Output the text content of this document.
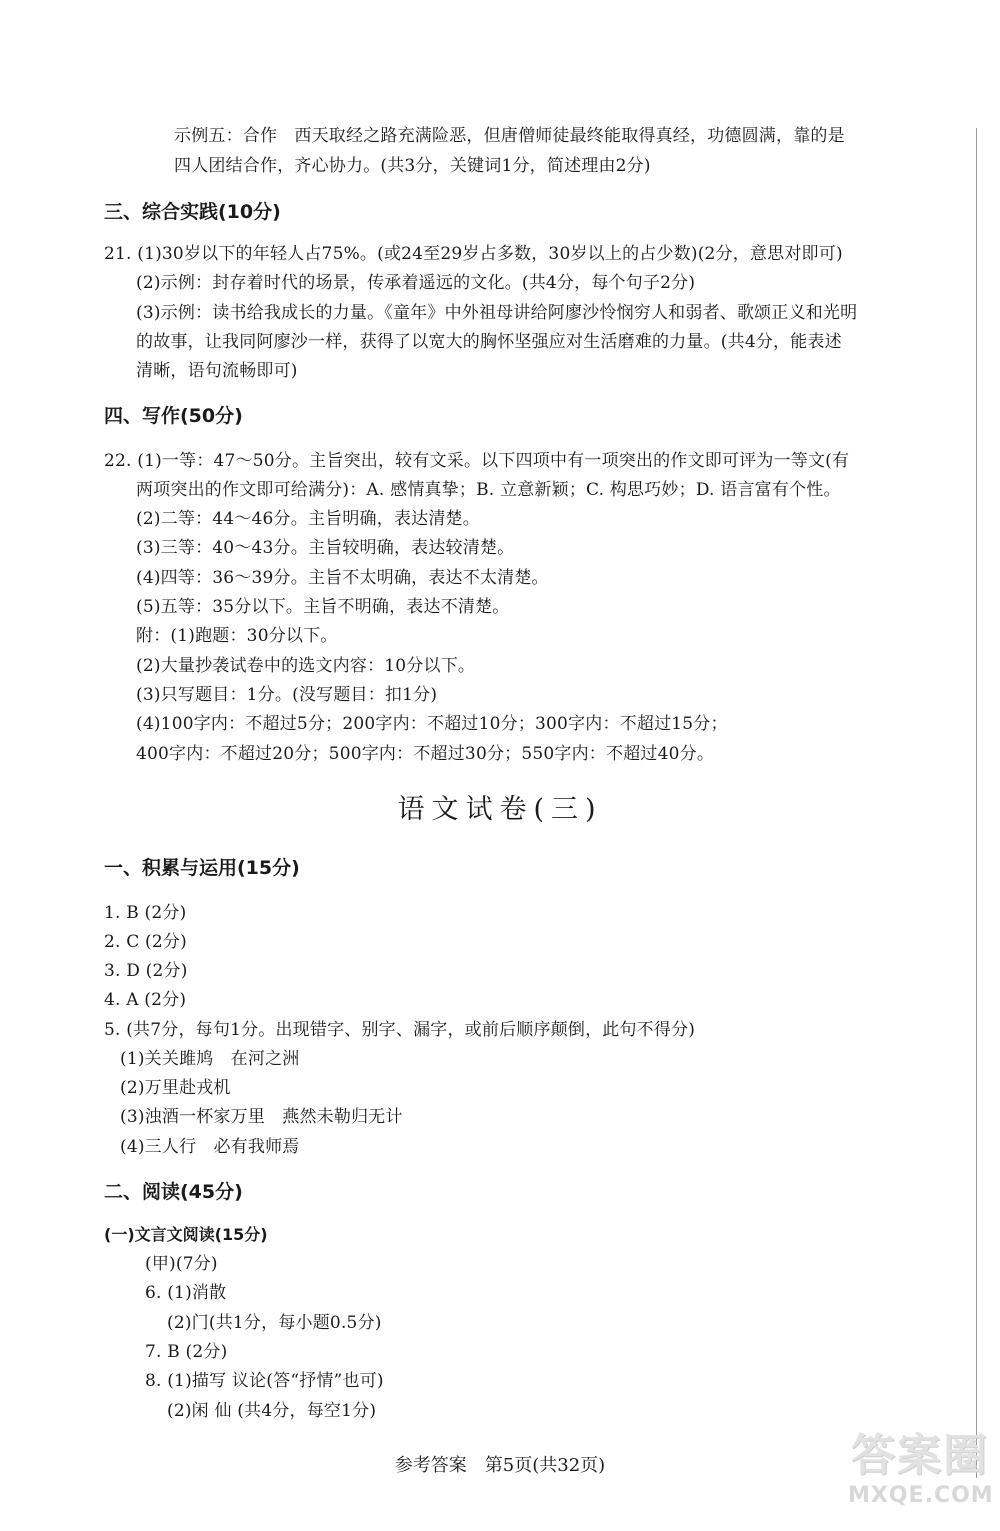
示例五：合作　西天取经之路充满险恶，但唐僧师徒最终能取得真经，功德圆满，靠的是
四人团结合作，齐心协力。(共3分，关键词1分，简述理由2分)
三、综合实践(10分)
21. (1)30岁以下的年轻人占75%。(或24至29岁占多数，30岁以上的占少数)(2分，意思对即可)
(2)示例：封存着时代的场景，传承着遥远的文化。(共4分，每个句子2分)
(3)示例：读书给我成长的力量。《童年》中外祖母讲给阿廖沙怜悯穷人和弱者、歌颂正义和光明
的故事，让我同阿廖沙一样，获得了以宽大的胸怀坚强应对生活磨难的力量。(共4分，能表述
清晰，语句流畅即可)
四、写作(50分)
22. (1)一等：47～50分。主旨突出，较有文采。以下四项中有一项突出的作文即可评为一等文(有
两项突出的作文即可给满分)：A. 感情真挚；B. 立意新颖；C. 构思巧妙；D. 语言富有个性。
(2)二等：44～46分。主旨明确，表达清楚。
(3)三等：40～43分。主旨较明确，表达较清楚。
(4)四等：36～39分。主旨不太明确，表达不太清楚。
(5)五等：35分以下。主旨不明确，表达不清楚。
附：(1)跑题：30分以下。
(2)大量抄袭试卷中的选文内容：10分以下。
(3)只写题目：1分。(没写题目：扣1分)
(4)100字内：不超过5分；200字内：不超过10分；300字内：不超过15分；
400字内：不超过20分；500字内：不超过30分；550字内：不超过40分。
语文试卷(三)
一、积累与运用(15分)
1. B (2分)
2. C (2分)
3. D (2分)
4. A (2分)
5. (共7分，每句1分。出现错字、别字、漏字，或前后顺序颠倒，此句不得分)
(1)关关雎鸠　在河之洲
(2)万里赴戎机
(3)浊酒一杯家万里　燕然未勒归无计
(4)三人行　必有我师焉
二、阅读(45分)
(一)文言文阅读(15分)
(甲)(7分)
6. (1)消散
(2)门(共1分，每小题0.5分)
7. B (2分)
8. (1)描写 议论(答“抒情”也可)
(2)闲 仙 (共4分，每空1分)
参考答案　第5页(共32页)	答案圈
MXQE.COM
